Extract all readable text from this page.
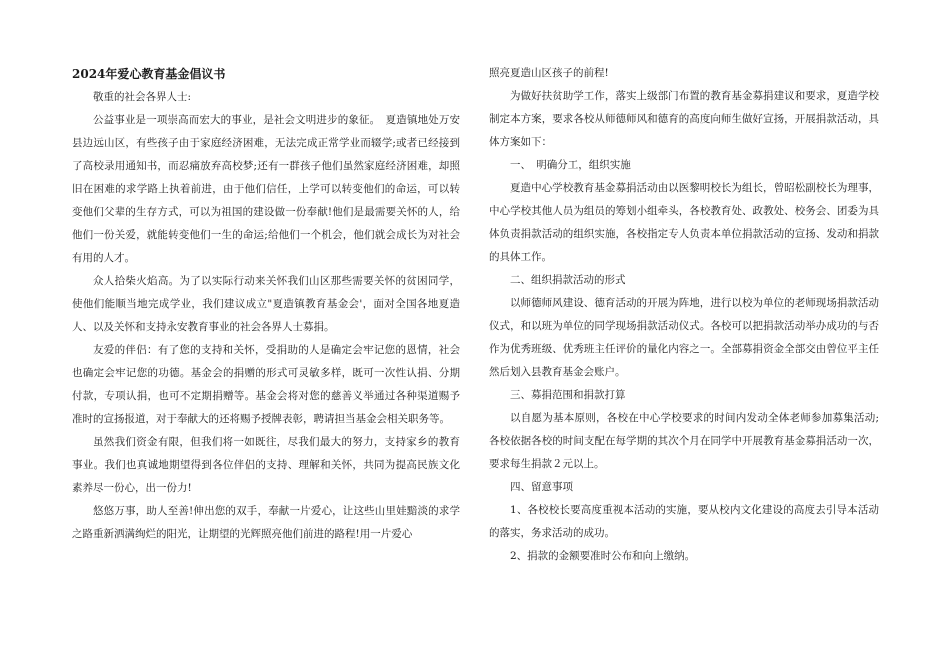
2024年爱心教育基金倡议书

敬重的社会各界人士:

公益事业是一项崇高而宏大的事业，是社会文明进步的象征。　夏造镇地处万安县边远山区，有些孩子由于家庭经济困难，无法完成正常学业而辍学;或者已经接到了高校录用通知书，而忍痛放弃高校梦;还有一群孩子他们虽然家庭经济困难，却照旧在困难的求学路上执着前进，由于他们信任，上学可以转变他们的命运，可以转变他们父辈的生存方式，可以为祖国的建设做一份奉献!他们是最需要关怀的人，给他们一份关爱，就能转变他们一生的命运;给他们一个机会，他们就会成长为对社会有用的人才。

众人拾柴火焰高。为了以实际行动来关怀我们山区那些需要关怀的贫困同学，使他们能顺当地完成学业，我们建议成立"夏造镇教育基金会'，面对全国各地夏造人、以及关怀和支持永安教育事业的社会各界人士募捐。

友爱的伴侣：有了您的支持和关怀，受捐助的人是确定会牢记您的恩情，社会也确定会牢记您的功德。基金会的捐赠的形式可灵敏多样，既可一次性认捐、分期付款，专项认捐，也可不定期捐赠等。基金会将对您的慈善义举通过各种渠道赐予准时的宣扬报道，对于奉献大的还将赐予授牌表彰，聘请担当基金会相关职务等。

虽然我们资金有限，但我们将一如既往，尽我们最大的努力，支持家乡的教育事业。我们也真诚地期望得到各位伴侣的支持、理解和关怀，共同为提高民族文化素养尽一份心，出一份力!

悠悠万事，助人至善!伸出您的双手，奉献一片爱心，让这些山里娃黯淡的求学之路重新洒满绚烂的阳光，让期望的光辉照亮他们前进的路程!用一片爱心

照亮夏造山区孩子的前程!

为做好扶贫助学工作，落实上级部门布置的教育基金募捐建议和要求，夏造学校制定本方案，要求各校从师德师风和德育的高度向师生做好宣扬，开展捐款活动，具体方案如下：

一、　明确分工，组织实施

夏造中心学校教育基金募捐活动由以医黎明校长为组长，曾昭松副校长为理事，中心学校其他人员为组员的筹划小组牵头，各校教育处、政教处、校务会、团委为具体负责捐款活动的组织实施，各校指定专人负责本单位捐款活动的宣扬、发动和捐款的具体工作。

二、组织捐款活动的形式

以师德师风建设、德育活动的开展为阵地，进行以校为单位的老师现场捐款活动仪式，和以班为单位的同学现场捐款活动仪式。各校可以把捐款活动举办成功的与否作为优秀班级、优秀班主任评价的量化内容之一。全部募捐资金全部交由曾位平主任然后划入县教育基金会账户。

三、募捐范围和捐款打算

以自愿为基本原则，各校在中心学校要求的时间内发动全体老师参加募集活动;各校依据各校的时间支配在每学期的其次个月在同学中开展教育基金募捐活动一次，要求每生捐款２元以上。

四、留意事项

1、各校校长要高度重视本活动的实施，要从校内文化建设的高度去引导本活动的落实，务求活动的成功。

2、捐款的金额要准时公布和向上缴纳。
